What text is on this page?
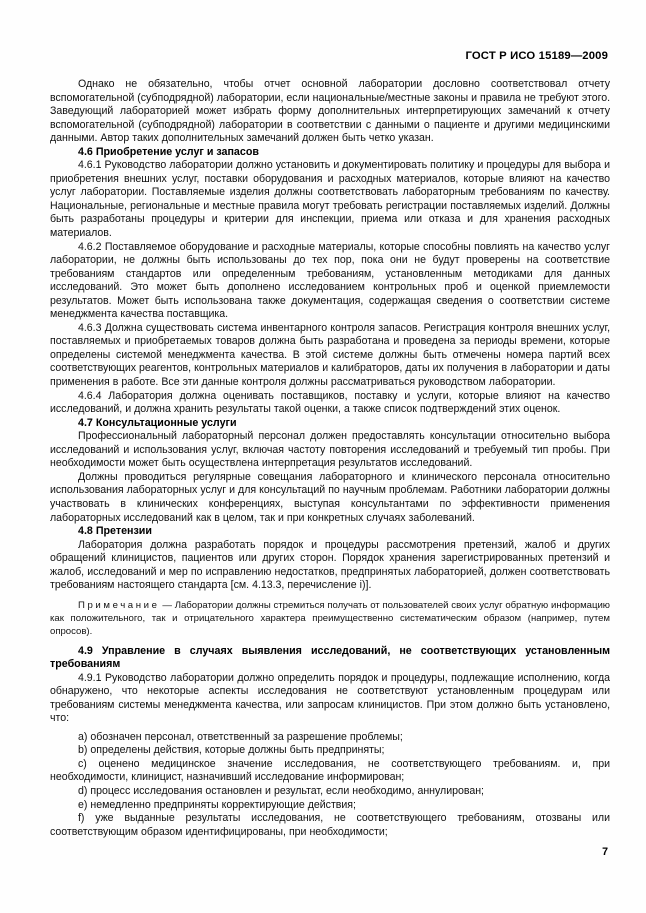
ГОСТ Р ИСО 15189—2009

Однако не обязательно, чтобы отчет основной лаборатории дословно соответствовал отчету вспомогательной (субподрядной) лаборатории, если национальные/местные законы и правила не требуют этого. Заведующий лабораторией может избрать форму дополнительных интерпретирующих замечаний к отчету вспомогательной (субподрядной) лаборатории в соответствии с данными о пациенте и другими медицинскими данными. Автор таких дополнительных замечаний должен быть четко указан.

4.6 Приобретение услуг и запасов

4.6.1 Руководство лаборатории должно установить и документировать политику и процедуры для выбора и приобретения внешних услуг, поставки оборудования и расходных материалов, которые влияют на качество услуг лаборатории. Поставляемые изделия должны соответствовать лабораторным требованиям по качеству. Национальные, региональные и местные правила могут требовать регистрации поставляемых изделий. Должны быть разработаны процедуры и критерии для инспекции, приема или отказа и для хранения расходных материалов.

4.6.2 Поставляемое оборудование и расходные материалы, которые способны повлиять на качество услуг лаборатории, не должны быть использованы до тех пор, пока они не будут проверены на соответствие требованиям стандартов или определенным требованиям, установленным методиками для данных исследований. Это может быть дополнено исследованием контрольных проб и оценкой приемлемости результатов. Может быть использована также документация, содержащая сведения о соответствии системе менеджмента качества поставщика.

4.6.3 Должна существовать система инвентарного контроля запасов. Регистрация контроля внешних услуг, поставляемых и приобретаемых товаров должна быть разработана и проведена за периоды времени, которые определены системой менеджмента качества. В этой системе должны быть отмечены номера партий всех соответствующих реагентов, контрольных материалов и калибраторов, даты их получения в лаборатории и даты применения в работе. Все эти данные контроля должны рассматриваться руководством лаборатории.

4.6.4 Лаборатория должна оценивать поставщиков, поставку и услуги, которые влияют на качество исследований, и должна хранить результаты такой оценки, а также список подтверждений этих оценок.

4.7 Консультационные услуги

Профессиональный лабораторный персонал должен предоставлять консультации относительно выбора исследований и использования услуг, включая частоту повторения исследований и требуемый тип пробы. При необходимости может быть осуществлена интерпретация результатов исследований.

Должны проводиться регулярные совещания лабораторного и клинического персонала относительно использования лабораторных услуг и для консультаций по научным проблемам. Работники лаборатории должны участвовать в клинических конференциях, выступая консультантами по эффективности применения лабораторных исследований как в целом, так и при конкретных случаях заболеваний.

4.8 Претензии

Лаборатория должна разработать порядок и процедуры рассмотрения претензий, жалоб и других обращений клиницистов, пациентов или других сторон. Порядок хранения зарегистрированных претензий и жалоб, исследований и мер по исправлению недостатков, предпринятых лабораторией, должен соответствовать требованиям настоящего стандарта [см. 4.13.3, перечисление i)].

Примечание — Лаборатории должны стремиться получать от пользователей своих услуг обратную информацию как положительного, так и отрицательного характера преимущественно систематическим образом (например, путем опросов).

4.9 Управление в случаях выявления исследований, не соответствующих установленным требованиям

4.9.1 Руководство лаборатории должно определить порядок и процедуры, подлежащие исполнению, когда обнаружено, что некоторые аспекты исследования не соответствуют установленным процедурам или требованиям системы менеджмента качества, или запросам клиницистов. При этом должно быть установлено, что:

a) обозначен персонал, ответственный за разрешение проблемы;

b) определены действия, которые должны быть предприняты;

c) оценено медицинское значение исследования, не соответствующего требованиям. и, при необходимости, клиницист, назначивший исследование информирован;

d) процесс исследования остановлен и результат, если необходимо, аннулирован;

e) немедленно предприняты корректирующие действия;

f) уже выданные результаты исследования, не соответствующего требованиям, отозваны или соответствующим образом идентифицированы, при необходимости;

7
